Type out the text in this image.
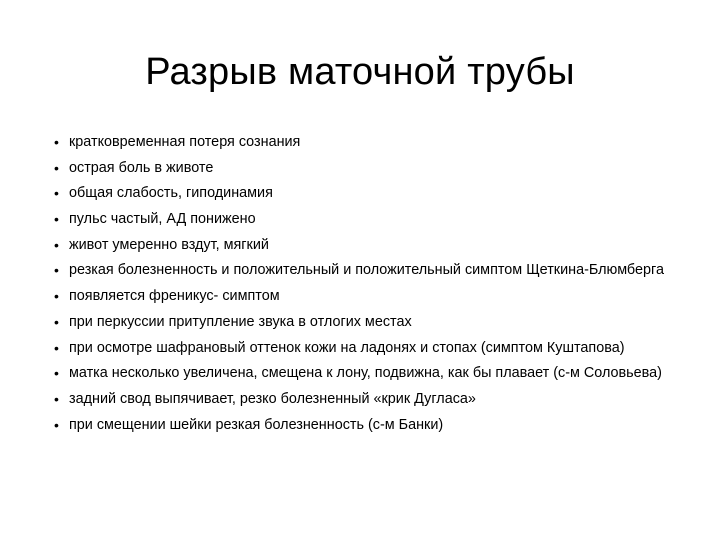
Разрыв маточной трубы
• кратковременная потеря сознания
• острая боль в животе
• общая слабость, гиподинамия
• пульс частый, АД понижено
• живот умеренно вздут, мягкий
• резкая болезненность и положительный и положительный симптом Щеткина-Блюмберга
• появляется френикус- симптом
• при перкуссии притупление звука в отлогих местах
• при осмотре шафрановый оттенок кожи на ладонях и стопах (симптом Куштапова)
• матка несколько увеличена, смещена к лону, подвижна, как бы плавает (с-м Соловьева)
• задний свод выпячивает, резко болезненный «крик Дугласа»
• при смещении шейки резкая болезненность (с-м Банки)
